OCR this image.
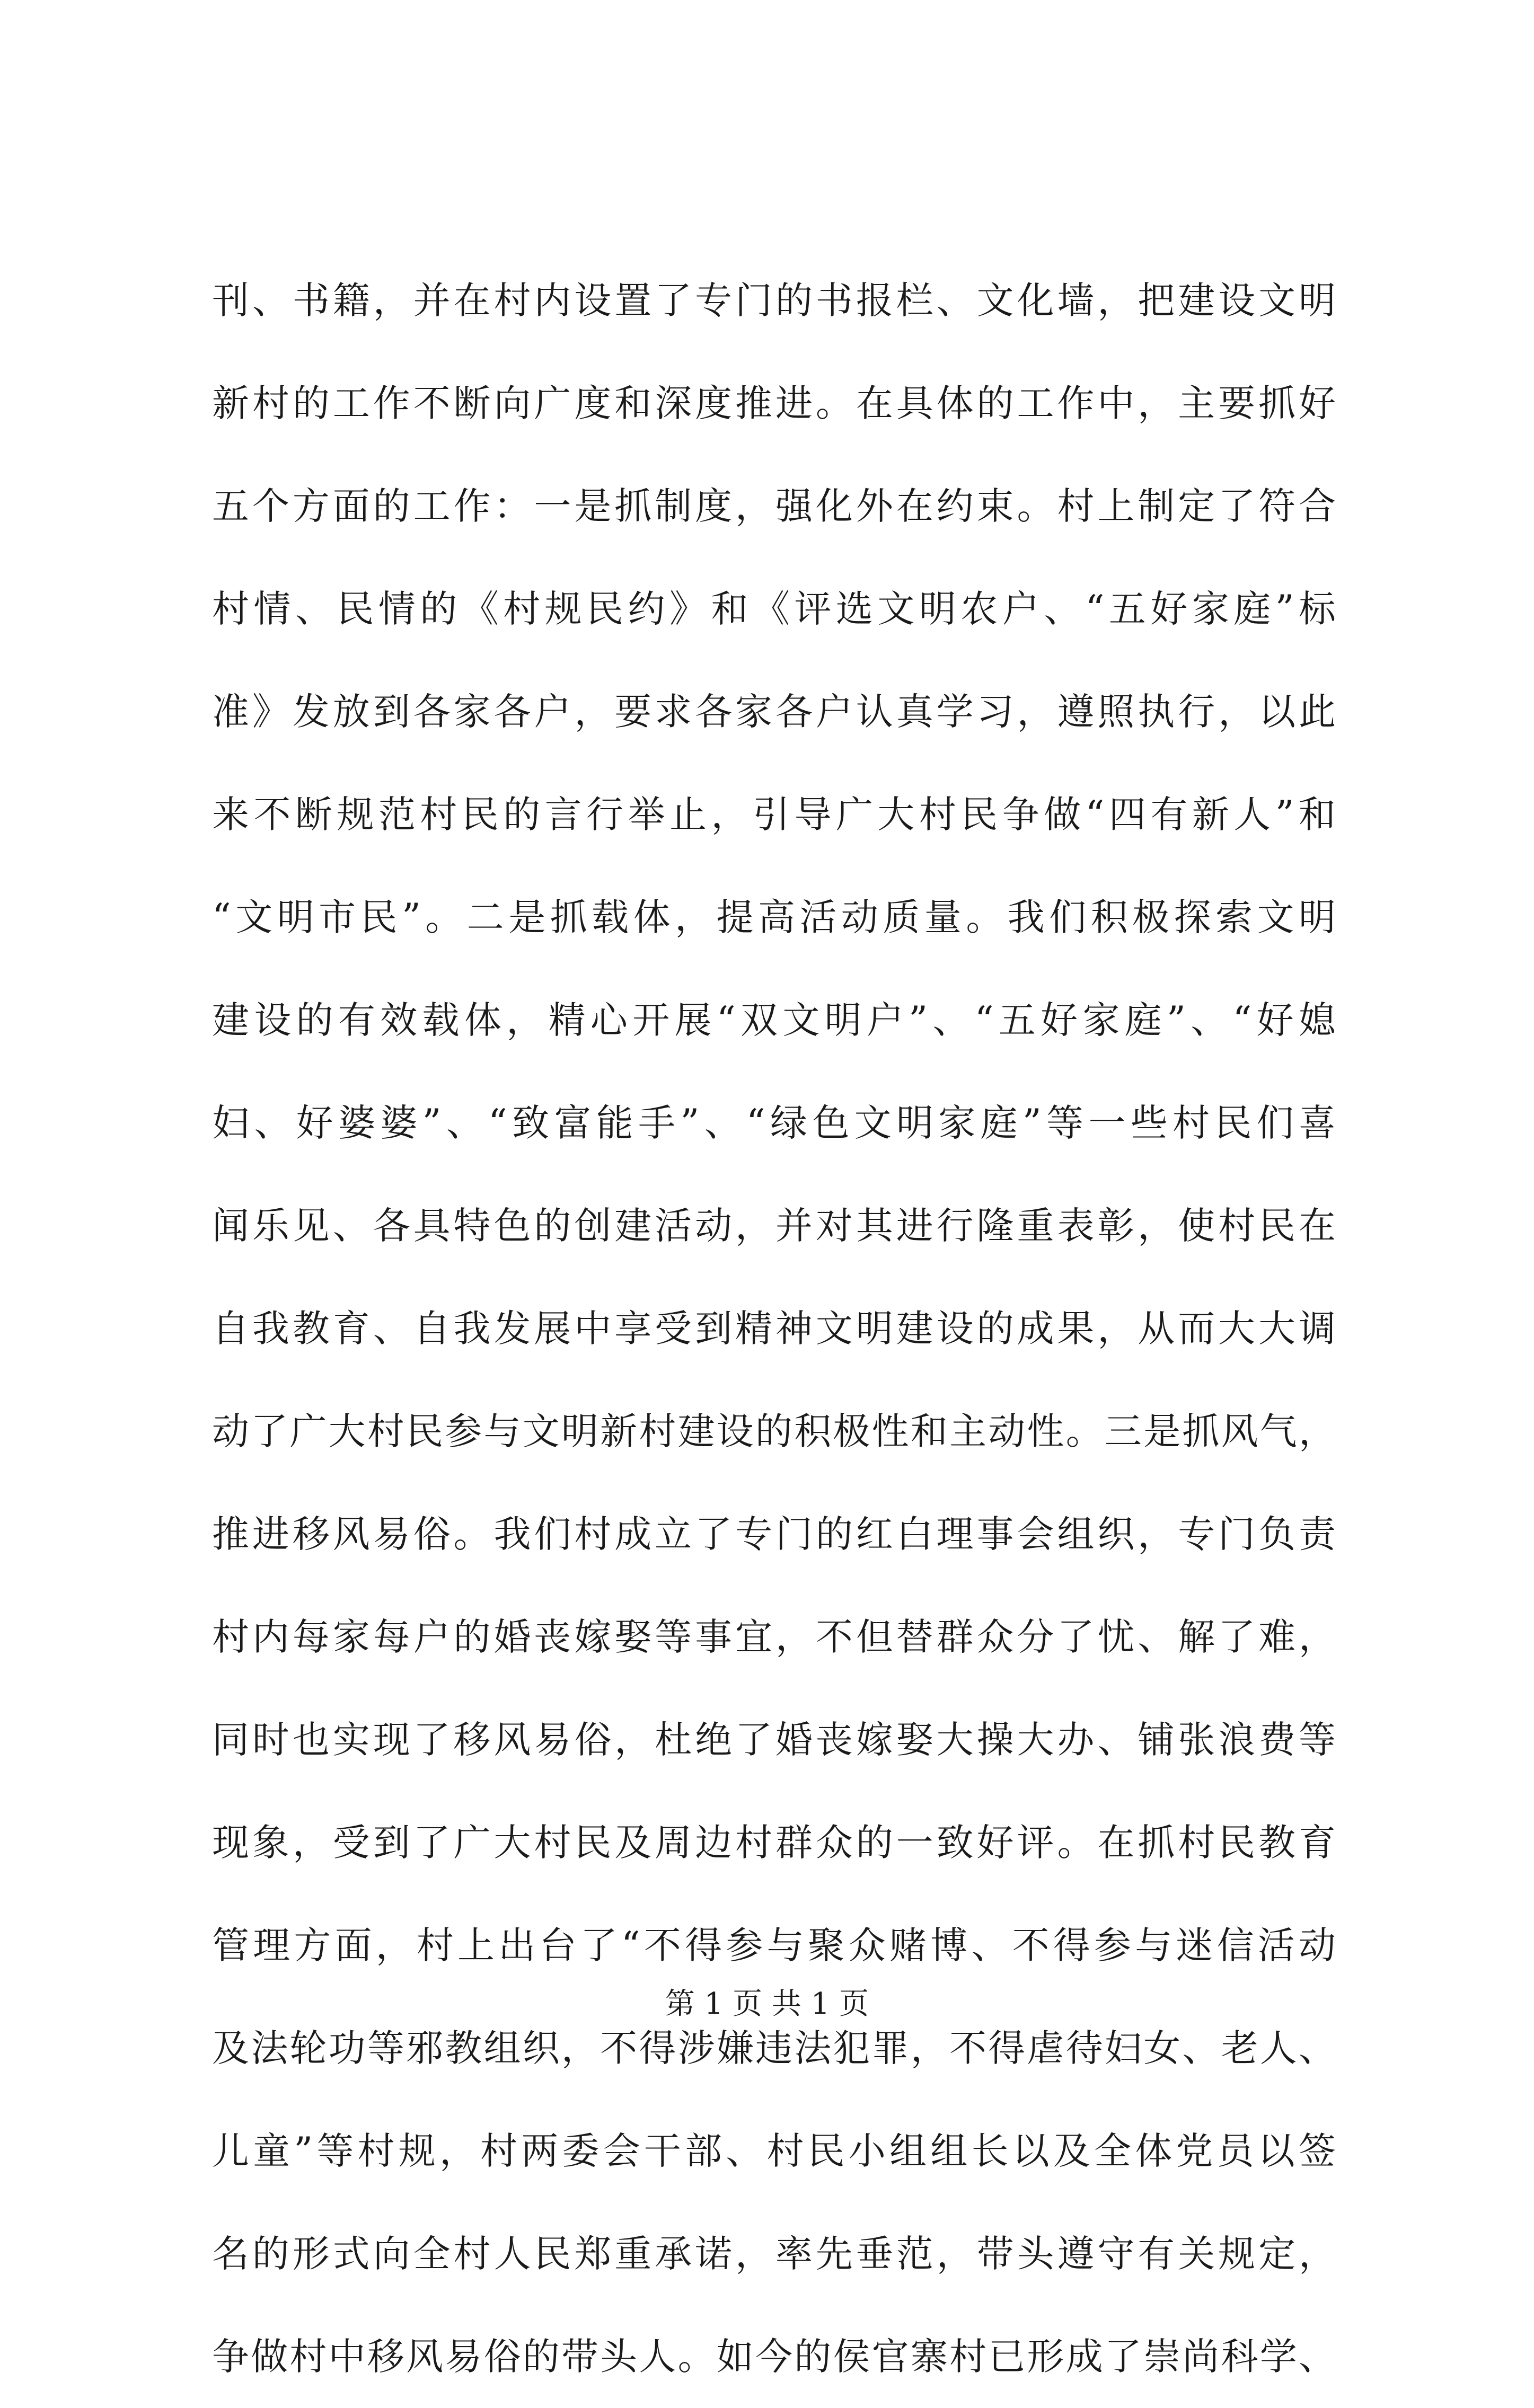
刊、书籍，并在村内设置了专门的书报栏、文化墙，把建设文明
新村的工作不断向广度和深度推进。在具体的工作中，主要抓好
五个方面的工作：一是抓制度，强化外在约束。村上制定了符合
村情、民情的《村规民约》和《评选文明农户、“五好家庭”标
准》发放到各家各户，要求各家各户认真学习，遵照执行，以此
来不断规范村民的言行举止，引导广大村民争做“四有新人”和
“文明市民”。二是抓载体，提高活动质量。我们积极探索文明
建设的有效载体，精心开展“双文明户”、“五好家庭”、“好媳
妇、好婆婆”、“致富能手”、“绿色文明家庭”等一些村民们喜
闻乐见、各具特色的创建活动，并对其进行隆重表彰，使村民在
自我教育、自我发展中享受到精神文明建设的成果，从而大大调
动了广大村民参与文明新村建设的积极性和主动性。三是抓风气，
推进移风易俗。我们村成立了专门的红白理事会组织，专门负责
村内每家每户的婚丧嫁娶等事宜，不但替群众分了忧、解了难，
同时也实现了移风易俗，杜绝了婚丧嫁娶大操大办、铺张浪费等
现象，受到了广大村民及周边村群众的一致好评。在抓村民教育
管理方面，村上出台了“不得参与聚众赌博、不得参与迷信活动
及法轮功等邪教组织，不得涉嫌违法犯罪，不得虐待妇女、老人、
儿童”等村规，村两委会干部、村民小组组长以及全体党员以签
名的形式向全村人民郑重承诺，率先垂范，带头遵守有关规定，
争做村中移风易俗的带头人。如今的侯官寨村已形成了崇尚科学、
第 1 页 共 1 页
